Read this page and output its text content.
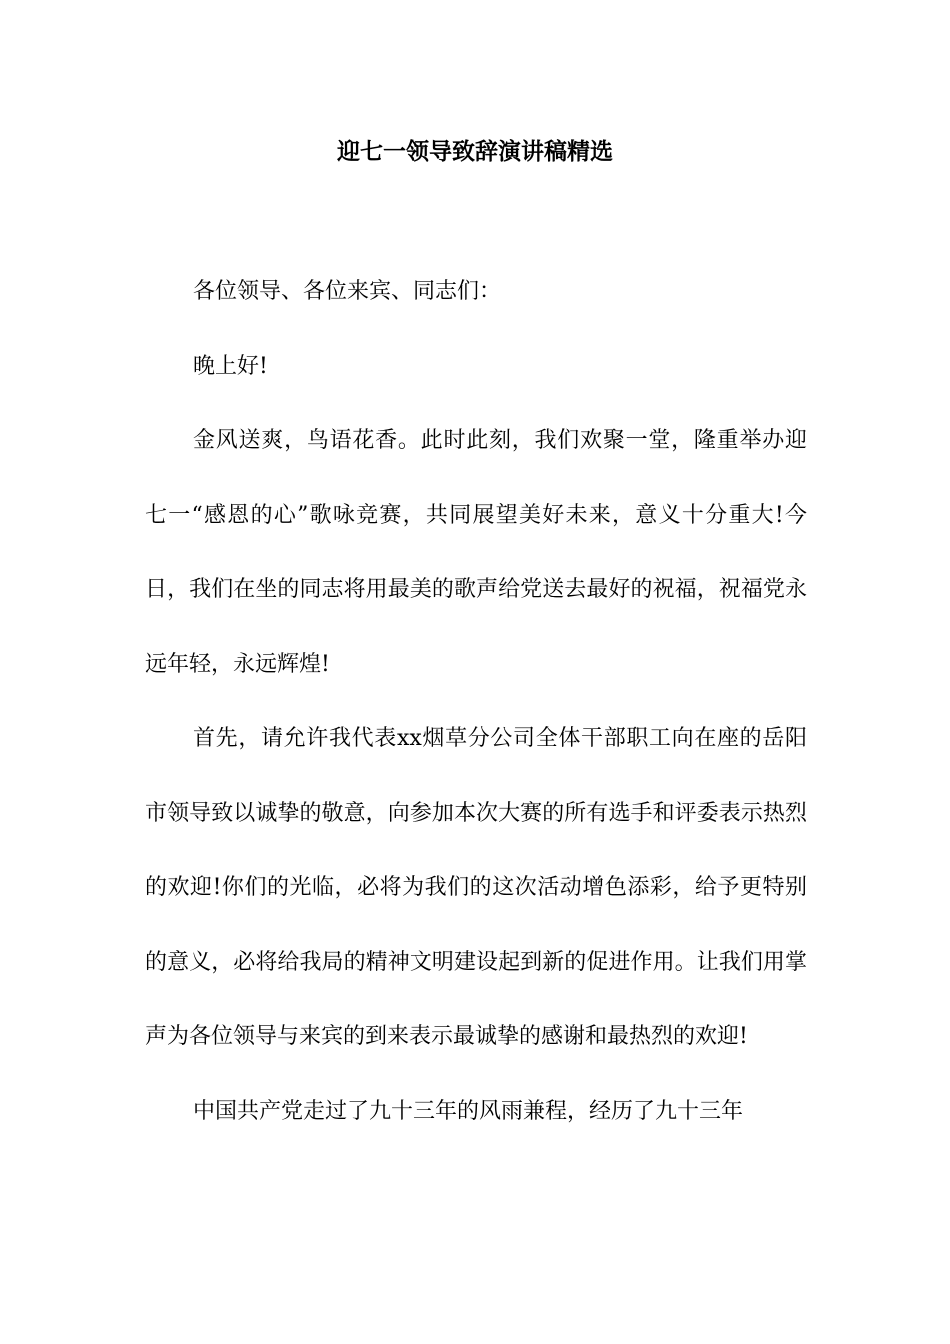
迎七一领导致辞演讲稿精选

各位领导、各位来宾、同志们：

晚上好!

金风送爽，鸟语花香。此时此刻，我们欢聚一堂，隆重举办迎七一“感恩的心”歌咏竞赛，共同展望美好未来，意义十分重大!今日，我们在坐的同志将用最美的歌声给党送去最好的祝福，祝福党永远年轻，永远辉煌!

首先，请允许我代表xx烟草分公司全体干部职工向在座的岳阳市领导致以诚挚的敬意，向参加本次大赛的所有选手和评委表示热烈的欢迎!你们的光临，必将为我们的这次活动增色添彩，给予更特别的意义，必将给我局的精神文明建设起到新的促进作用。让我们用掌声为各位领导与来宾的到来表示最诚挚的感谢和最热烈的欢迎!

中国共产党走过了九十三年的风雨兼程，经历了九十三年
